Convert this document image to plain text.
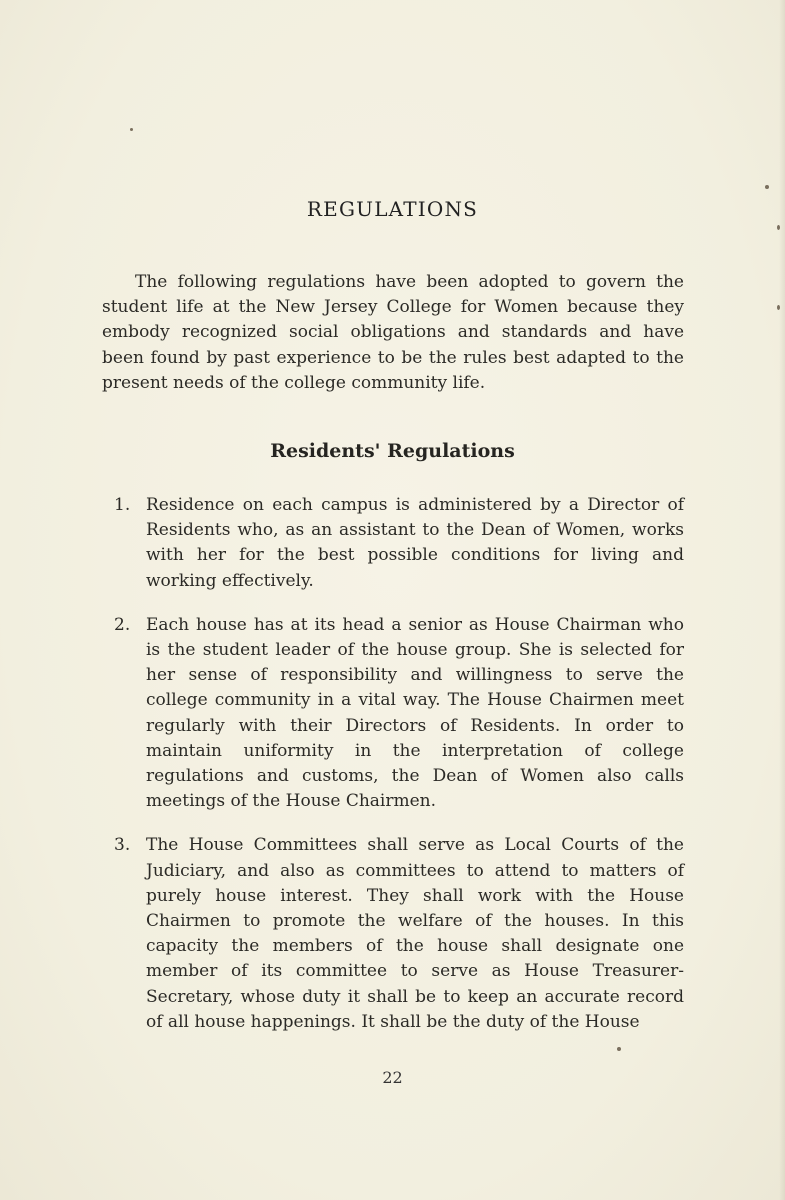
REGULATIONS

The following regulations have been adopted to govern the student life at the New Jersey College for Women because they embody recognized social obligations and standards and have been found by past experience to be the rules best adapted to the present needs of the college community life.

Residents' Regulations
1. Residence on each campus is administered by a Director of Residents who, as an assistant to the Dean of Women, works with her for the best possible conditions for living and working effectively.
2. Each house has at its head a senior as House Chairman who is the student leader of the house group. She is selected for her sense of responsibility and willingness to serve the college community in a vital way. The House Chairmen meet regularly with their Directors of Residents. In order to maintain uniformity in the interpretation of college regulations and customs, the Dean of Women also calls meetings of the House Chairmen.
3. The House Committees shall serve as Local Courts of the Judiciary, and also as committees to attend to matters of purely house interest. They shall work with the House Chairmen to promote the welfare of the houses. In this capacity the members of the house shall designate one member of its committee to serve as House Treasurer-Secretary, whose duty it shall be to keep an accurate record of all house happenings. It shall be the duty of the House
22
